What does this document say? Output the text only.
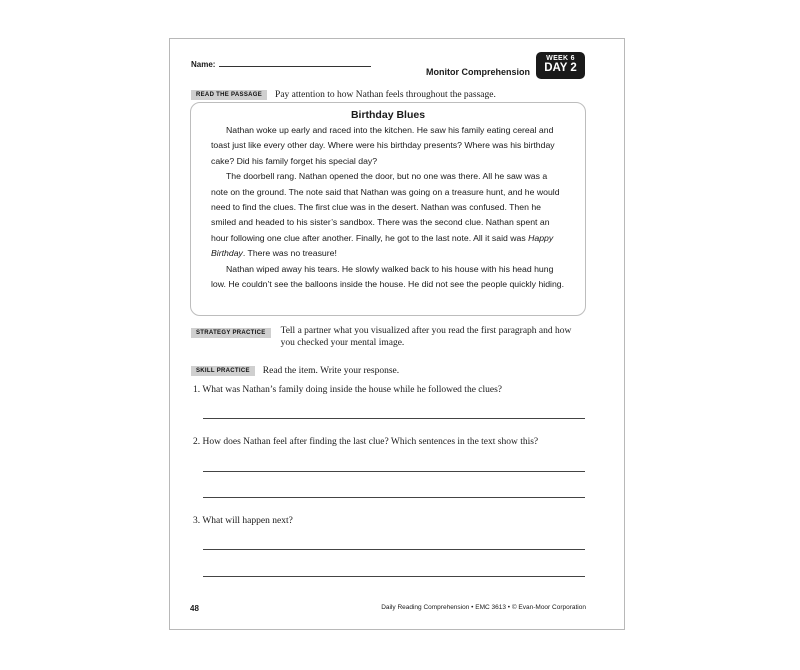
Name:
Monitor Comprehension
WEEK 6
DAY 2
READ THE PASSAGE Pay attention to how Nathan feels throughout the passage.
Birthday Blues

Nathan woke up early and raced into the kitchen. He saw his family eating cereal and toast just like every other day. Where were his birthday presents? Where was his birthday cake? Did his family forget his special day?

The doorbell rang. Nathan opened the door, but no one was there. All he saw was a note on the ground. The note said that Nathan was going on a treasure hunt, and he would need to find the clues. The first clue was in the desert. Nathan was confused. Then he smiled and headed to his sister’s sandbox. There was the second clue. Nathan spent an hour following one clue after another. Finally, he got to the last note. All it said was Happy Birthday. There was no treasure!

Nathan wiped away his tears. He slowly walked back to his house with his head hung low. He couldn’t see the balloons inside the house. He did not see the people quickly hiding.

STRATEGY PRACTICE Tell a partner what you visualized after you read the first paragraph and how you checked your mental image.
SKILL PRACTICE Read the item. Write your response.
1. What was Nathan’s family doing inside the house while he followed the clues?
2. How does Nathan feel after finding the last clue? Which sentences in the text show this?
3. What will happen next?
48	Daily Reading Comprehension • EMC 3613 • © Evan-Moor Corporation
